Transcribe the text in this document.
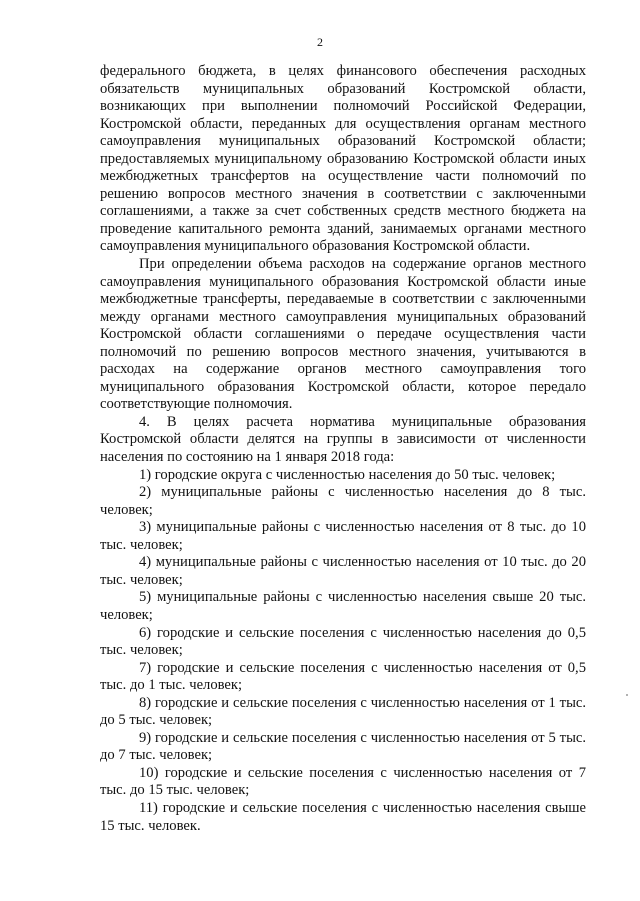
2

федерального бюджета, в целях финансового обеспечения расходных обязательств муниципальных образований Костромской области, возникающих при выполнении полномочий Российской Федерации, Костромской области, переданных для осуществления органам местного самоуправления муниципальных образований Костромской области; предоставляемых муниципальному образованию Костромской области иных межбюджетных трансфертов на осуществление части полномочий по решению вопросов местного значения в соответствии с заключенными соглашениями, а также за счет собственных средств местного бюджета на проведение капитального ремонта зданий, занимаемых органами местного самоуправления муниципального образования Костромской области.

При определении объема расходов на содержание органов местного самоуправления муниципального образования Костромской области иные межбюджетные трансферты, передаваемые в соответствии с заключенными между органами местного самоуправления муниципальных образований Костромской области соглашениями о передаче осуществления части полномочий по решению вопросов местного значения, учитываются в расходах на содержание органов местного самоуправления того муниципального образования Костромской области, которое передало соответствующие полномочия.

4. В целях расчета норматива муниципальные образования Костромской области делятся на группы в зависимости от численности населения по состоянию на 1 января 2018 года:

1) городские округа с численностью населения до 50 тыс. человек;

2) муниципальные районы с численностью населения до 8 тыс. человек;

3) муниципальные районы с численностью населения от 8 тыс. до 10 тыс. человек;

4) муниципальные районы с численностью населения от 10 тыс. до 20 тыс. человек;

5) муниципальные районы с численностью населения свыше 20 тыс. человек;

6) городские и сельские поселения с численностью населения до 0,5 тыс. человек;

7) городские и сельские поселения с численностью населения от 0,5 тыс. до 1 тыс. человек;

8) городские и сельские поселения с численностью населения от 1 тыс. до 5 тыс. человек;

9) городские и сельские поселения с численностью населения от 5 тыс. до 7 тыс. человек;

10) городские и сельские поселения с численностью населения от 7 тыс. до 15 тыс. человек;

11) городские и сельские поселения с численностью населения свыше 15 тыс. человек.
